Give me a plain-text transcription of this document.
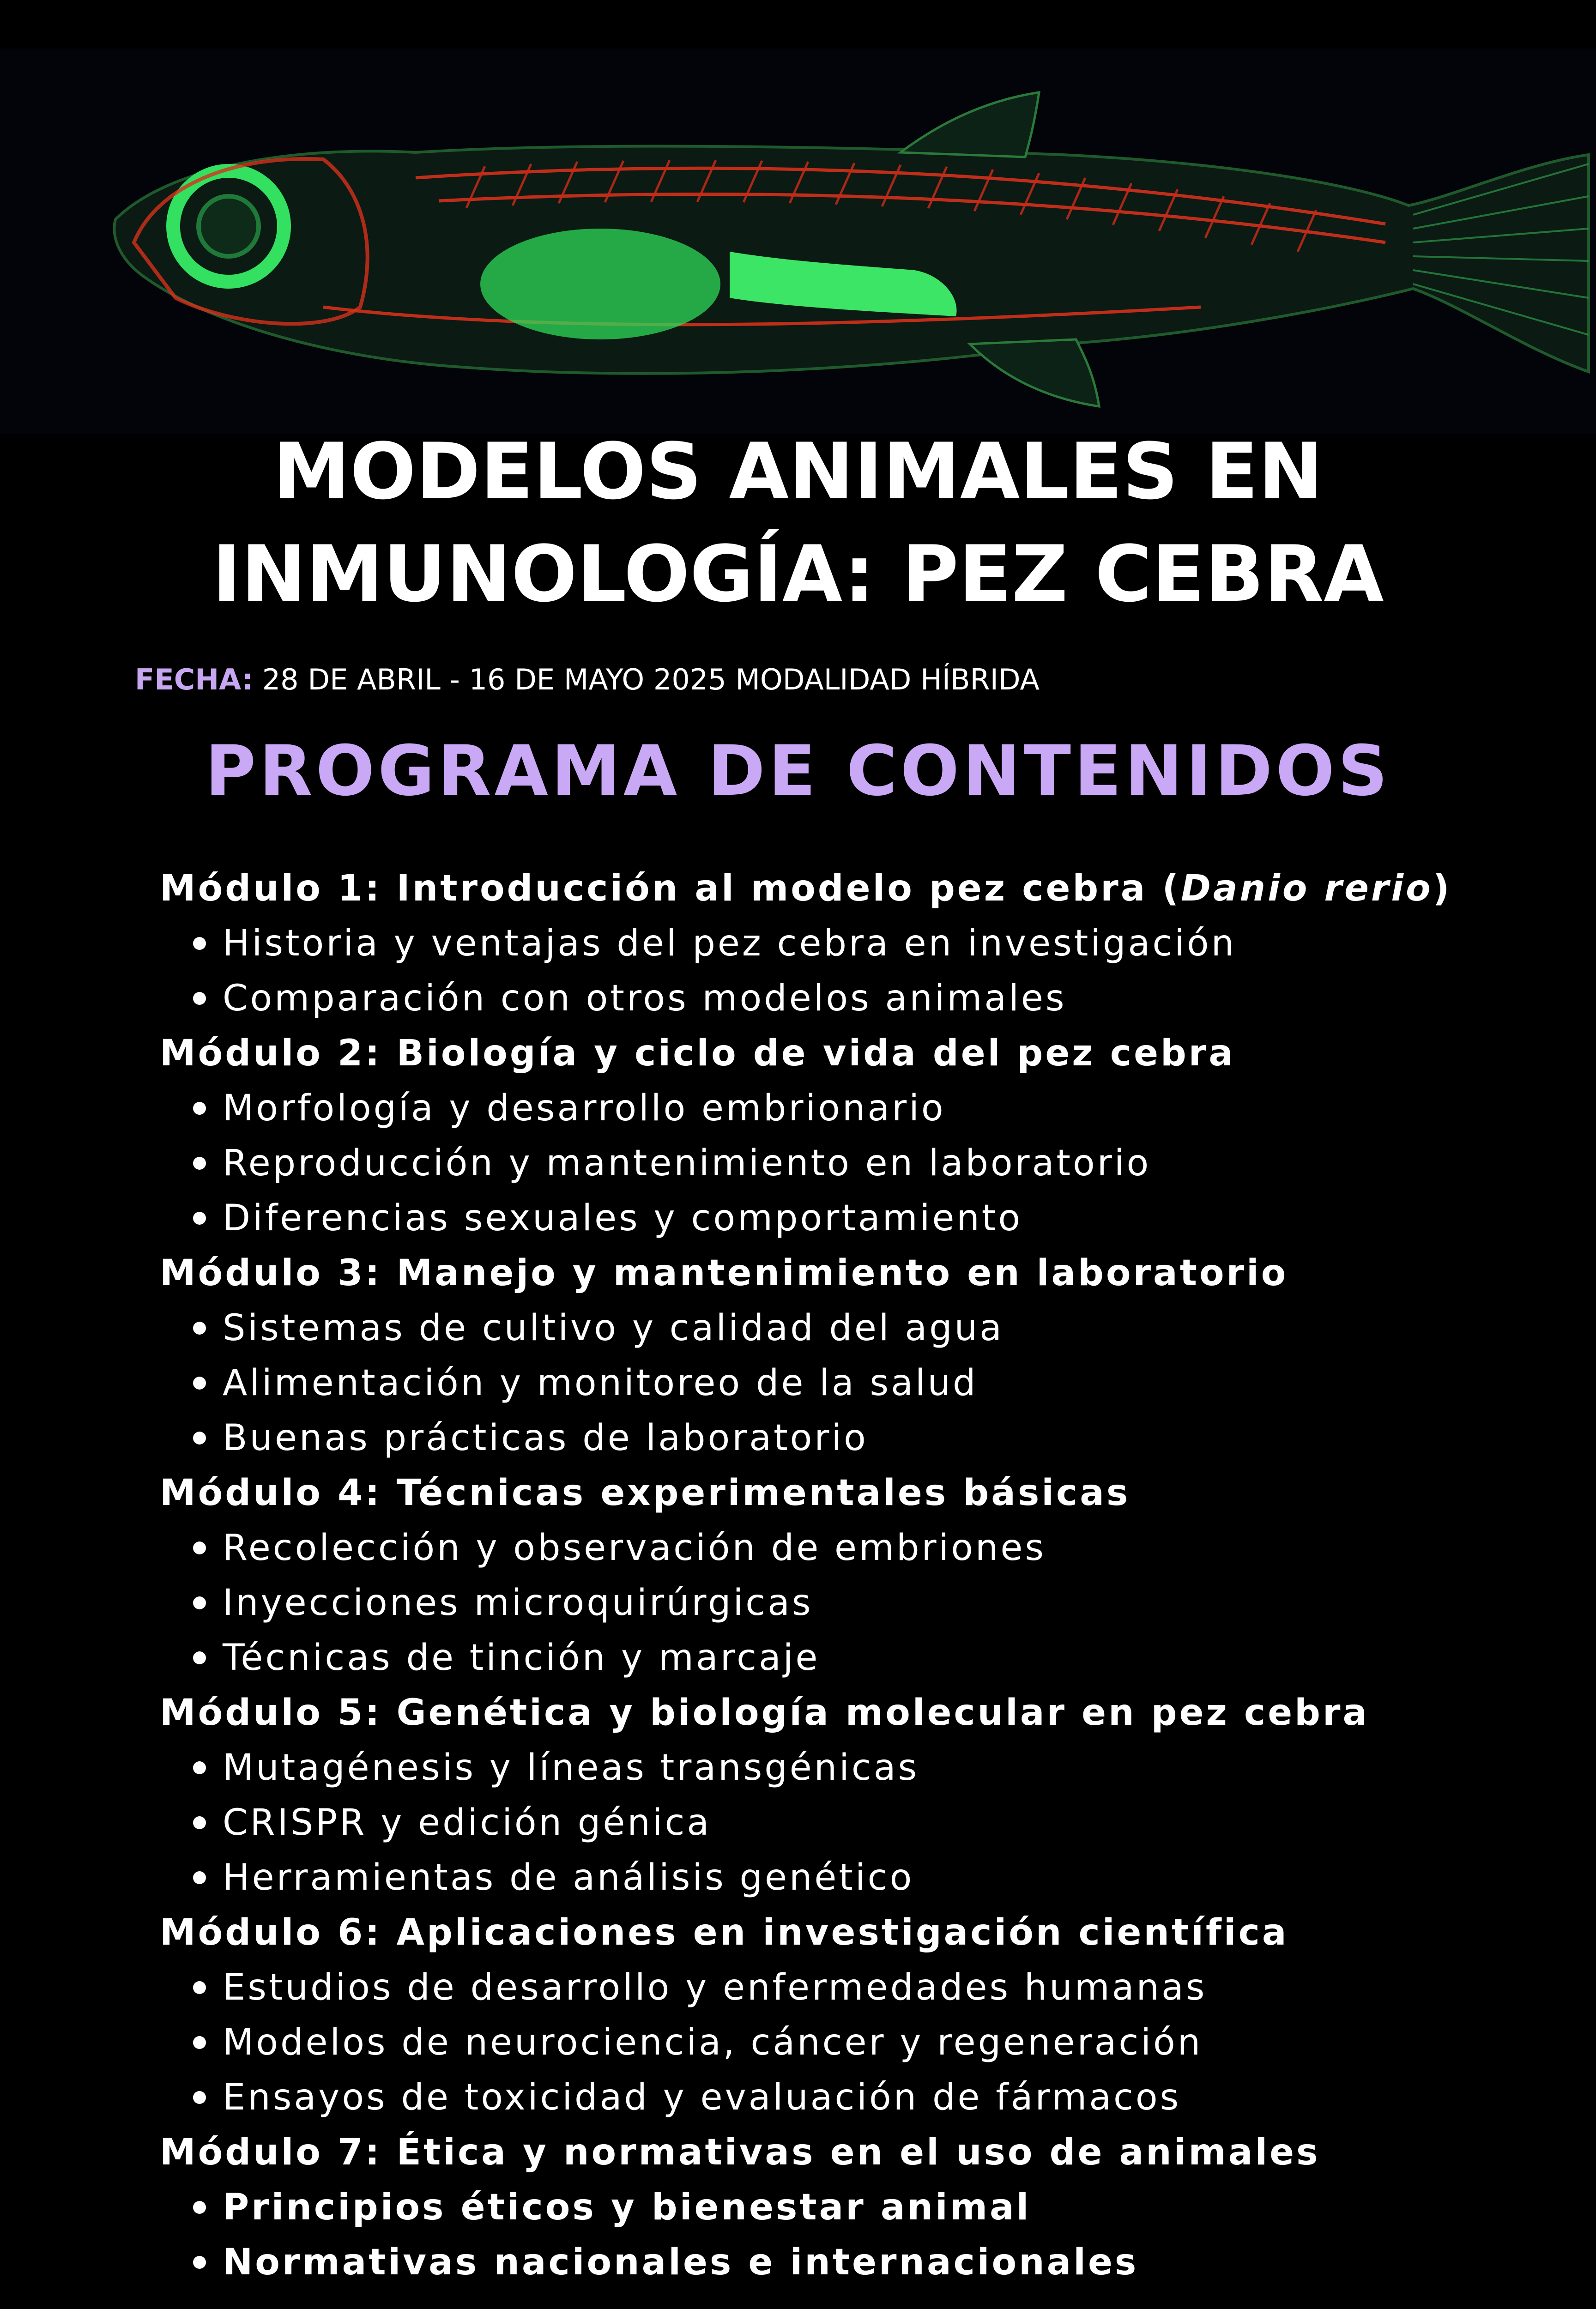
MODELOS ANIMALES EN
INMUNOLOGÍA: PEZ CEBRA
FECHA: 28 DE ABRIL - 16 DE MAYO 2025 MODALIDAD HÍBRIDA
PROGRAMA DE CONTENIDOS
Módulo 1: Introducción al modelo pez cebra (Danio rerio)
Historia y ventajas del pez cebra en investigación
Comparación con otros modelos animales
Módulo 2: Biología y ciclo de vida del pez cebra
Morfología y desarrollo embrionario
Reproducción y mantenimiento en laboratorio
Diferencias sexuales y comportamiento
Módulo 3: Manejo y mantenimiento en laboratorio
Sistemas de cultivo y calidad del agua
Alimentación y monitoreo de la salud
Buenas prácticas de laboratorio
Módulo 4: Técnicas experimentales básicas
Recolección y observación de embriones
Inyecciones microquirúrgicas
Técnicas de tinción y marcaje
Módulo 5: Genética y biología molecular en pez cebra
Mutagénesis y líneas transgénicas
CRISPR y edición génica
Herramientas de análisis genético
Módulo 6: Aplicaciones en investigación científica
Estudios de desarrollo y enfermedades humanas
Modelos de neurociencia, cáncer y regeneración
Ensayos de toxicidad y evaluación de fármacos
Módulo 7: Ética y normativas en el uso de animales
Principios éticos y bienestar animal
Normativas nacionales e internacionales
